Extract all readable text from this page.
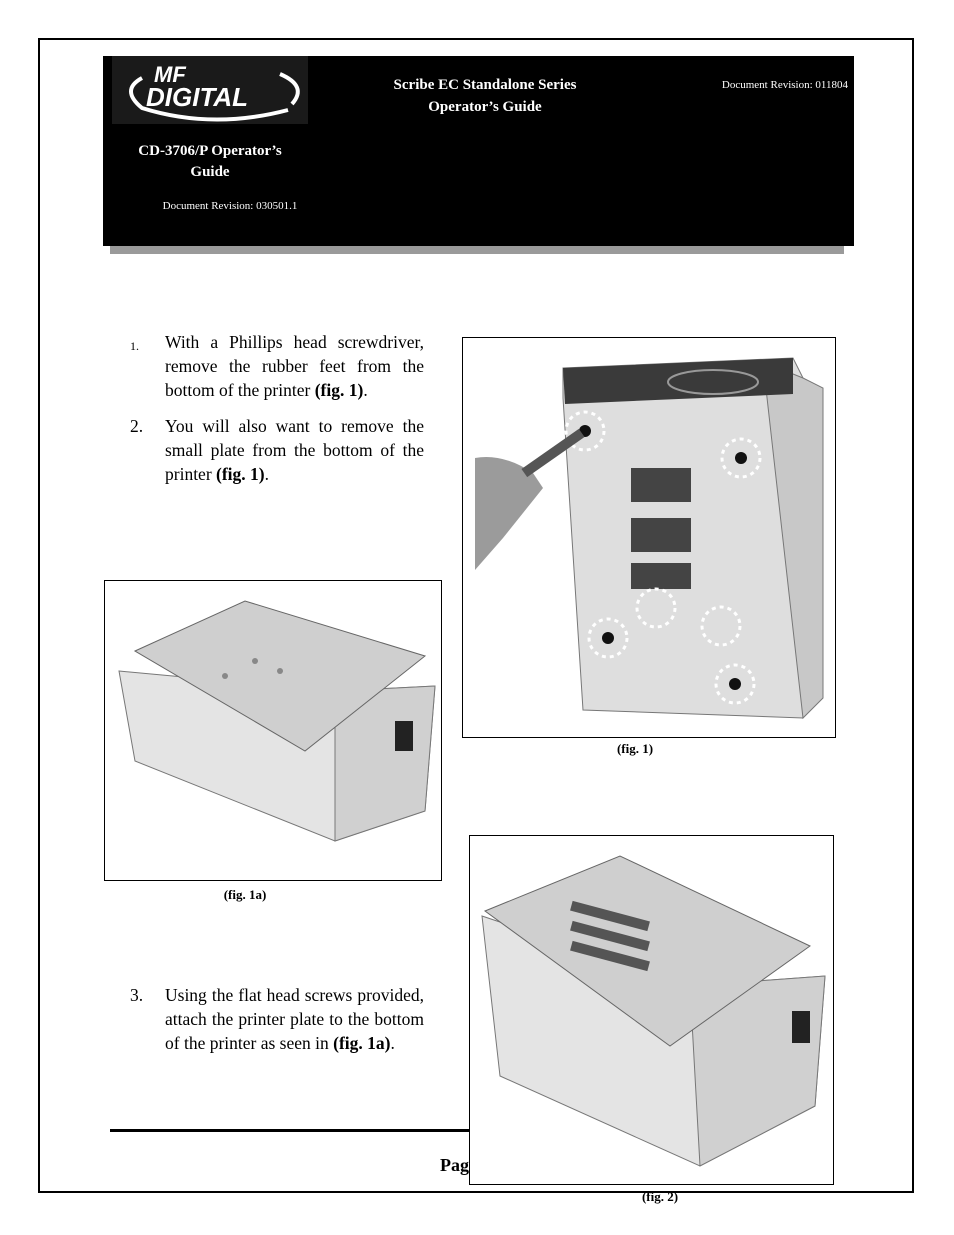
MF
DIGITAL	Scribe EC Standalone Series
Operator’s Guide
Document Revision: 011804
CD-3706/P Operator’s
Guide
Document Revision: 030501.1
1.	With a Phillips head screwdriver, remove the rubber feet from the bottom of the printer (fig. 1).
2.	You will also want to remove the small plate from the bottom of the printer (fig. 1).
3.	Using the flat head screws provided, attach the printer plate to the bottom of the printer as seen in (fig. 1a).
(fig. 1)
(fig. 1a)
(fig. 2)
Pag
